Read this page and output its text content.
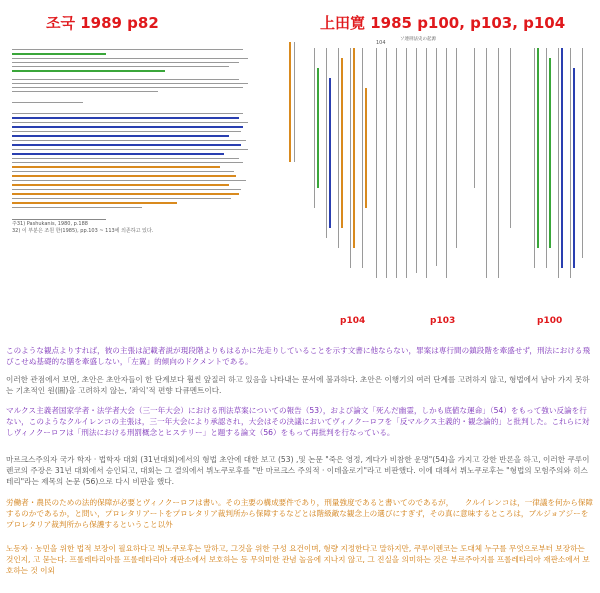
조국 1989 p82	上田寛 1985 p100, p103, p104
주31) Pashukanis, 1980, p.188
32) 이 부분은 조원 한(1985), pp.103 ~ 113에 의존하고 있다.
104
ソ連刑法史の起源
p104	p103	p100
このような観点よりすれば，彼の主張は記載者説が現段階よりもはるかに先走りしていることを示す文書に他ならない，罪案は専行間の鎮段階を牽盛せず，刑法における飛びこせぬ基礎的な膳を牽盛しない，「左翼」的傾向のドクメントである。
이러한 관점에서 보면, 초안은 초안자들이 한 단계보다 훨씬 앞질러 하고 있음을 나타내는 문서에 불과하다. 초안은 이행기의 여러 단계를 고려하지 않고, 형법에서 남아 가지 못하는 기초적인 원(圓)을 고려하지 않는, '좌익'적 편향 다큐멘트이다.
マルクス主義者国家学者・法学者大会（三一年大会）における刑法草案についての報告（53），および論文「死んだ幽霊，しかも底値な運命」（54）をもって強い反論を行ない，このようなクルイレンコの主張は，三一年大会により承認され，大会はその決議においてヴィノクーロフを「反マルクス主義的・観念論的」と批判した。これらに対しヴィノクーロフは「刑法における刑罰概念とヒステリー」と題する論文（56）をもって再批判を行なっている。
마르크스주의자 국가 학자 · 법학자 대회 (31년대회)에서의 형법 초안에 대한 보고 (53) ,및 논문 "죽은 영정, 게다가 비참한 운명"(54)을 가지고 강한 반론을 하고, 이러한 쿠루이렌코의 주장은 31년 대회에서 승인되고, 대회는 그 결의에서 뷔노쿠로후를 "반 마르크스 주의적 · 이데올로기"라고 비판했다. 이에 대해서 뷔노쿠로후는 "형법의 모험주의와 히스테리"라는 제목의 논문 (56)으로 다시 비판을 했다.
労働者・農民のための法的保障が必要とヴィノクーロフは書い。その主要の構成要件であり，刑量強度であると書いてのであるが，　　クルイレンコは，一律議を何から保障するのかであるか，と問い，プロレタリアートをプロレタリア裁判所から保障するなどとは階級敵な観念上の選びにすぎず，その真に意味するところは，ブルジョアジーをプロレタリア裁判所から保護するということ以外
노동자 · 농민을 위한 법적 보장이 필요하다고 뷔노쿠로후는 말하고, 그것을 위한 구성 요건이며, 형량 지정한다고 말하지만, 쿠루이렌코는 도대체 누구를 무엇으로부터 보장하는 것인지, 고 묻는다. 프롤레타리아를 프롤레타리아 재판소에서 보호하는 등 무의미한 관념 놀음에 지나지 않고, 그 진실을 의미하는 것은 부르주아지를 프롤레타리아 재판소에서 보호하는 것 이외
